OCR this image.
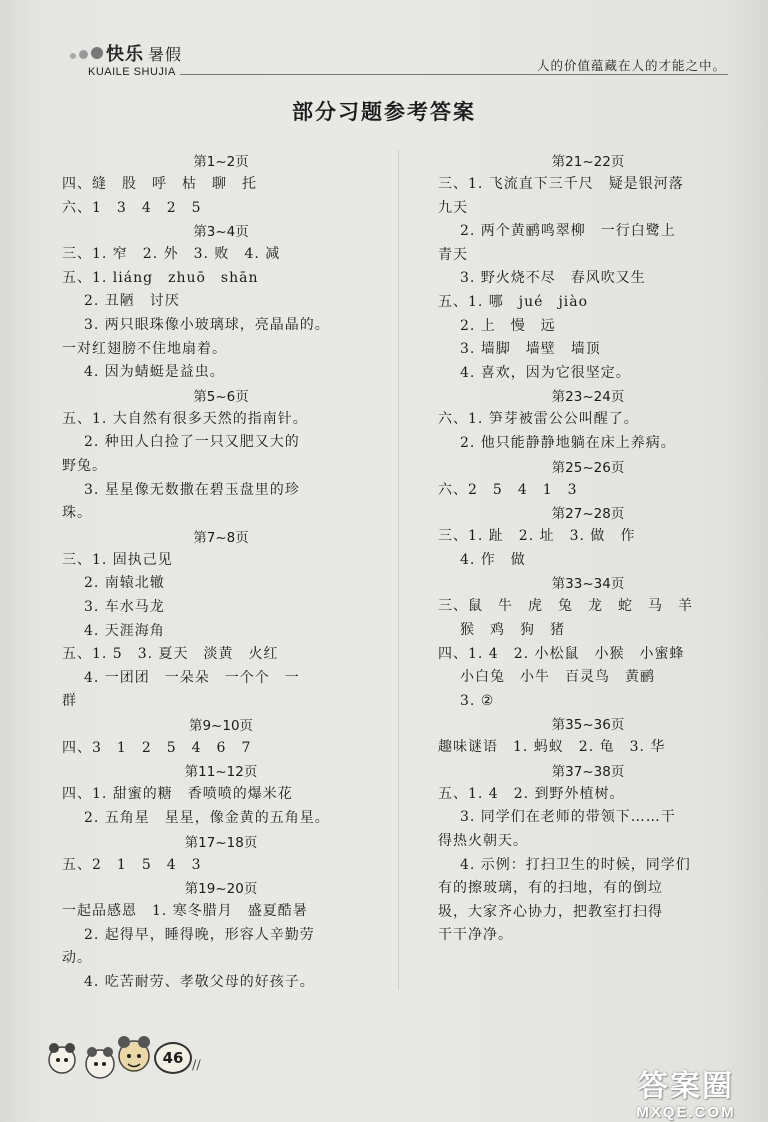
快乐 暑假
KUAILE SHUJIA	人的价值蕴藏在人的才能之中。
部分习题参考答案
第1~2页
四、缝　股　呼　枯　聊　托
六、1　3　4　2　5
第3~4页
三、1. 窄　2. 外　3. 败　4. 减
五、1. liáng　zhuō　shān
2. 丑陋　讨厌
3. 两只眼珠像小玻璃球，亮晶晶的。
一对红翅膀不住地扇着。
4. 因为蜻蜓是益虫。
第5~6页
五、1. 大自然有很多天然的指南针。
2. 种田人白捡了一只又肥又大的
野兔。
3. 星星像无数撒在碧玉盘里的珍
珠。
第7~8页
三、1. 固执己见
2. 南辕北辙
3. 车水马龙
4. 天涯海角
五、1. 5　3. 夏天　淡黄　火红
4. 一团团　一朵朵　一个个　一
群
第9~10页
四、3　1　2　5　4　6　7
第11~12页
四、1. 甜蜜的糖　香喷喷的爆米花
2. 五角星　星星，像金黄的五角星。
第17~18页
五、2　1　5　4　3
第19~20页
一起品感恩　1. 寒冬腊月　盛夏酷暑
2. 起得早，睡得晚，形容人辛勤劳
动。
4. 吃苦耐劳、孝敬父母的好孩子。
第21~22页
三、1. 飞流直下三千尺　疑是银河落
九天
2. 两个黄鹂鸣翠柳　一行白鹭上
青天
3. 野火烧不尽　春风吹又生
五、1. 哪　jué　jiào
2. 上　慢　远
3. 墙脚　墙壁　墙顶
4. 喜欢，因为它很坚定。
第23~24页
六、1. 笋芽被雷公公叫醒了。
2. 他只能静静地躺在床上养病。
第25~26页
六、2　5　4　1　3
第27~28页
三、1. 趾　2. 址　3. 做　作
4. 作　做
第33~34页
三、鼠　牛　虎　兔　龙　蛇　马　羊
猴　鸡　狗　猪
四、1. 4　2. 小松鼠　小猴　小蜜蜂
小白兔　小牛　百灵鸟　黄鹂
3. ②
第35~36页
趣味谜语　1. 蚂蚁　2. 龟　3. 华
第37~38页
五、1. 4　2. 到野外植树。
3. 同学们在老师的带领下……干
得热火朝天。
4. 示例：打扫卫生的时候，同学们
有的擦玻璃，有的扫地，有的倒垃
圾，大家齐心协力，把教室打扫得
干干净净。
46 //
答案圈
MXQE.COM
